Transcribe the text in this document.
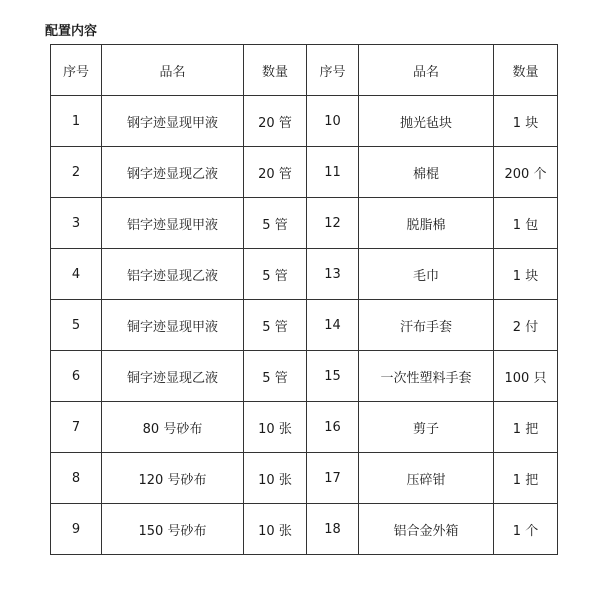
配置内容
序号	品名	数量	序号	品名	数量
1	钢字迹显现甲液	20 管	10	抛光毡块	1 块
2	钢字迹显现乙液	20 管	11	棉棍	200 个
3	铝字迹显现甲液	5 管	12	脱脂棉	1 包
4	铝字迹显现乙液	5 管	13	毛巾	1 块
5	铜字迹显现甲液	5 管	14	汗布手套	2 付
6	铜字迹显现乙液	5 管	15	一次性塑料手套	100 只
7	80 号砂布	10 张	16	剪子	1 把
8	120 号砂布	10 张	17	压碎钳	1 把
9	150 号砂布	10 张	18	铝合金外箱	1 个
